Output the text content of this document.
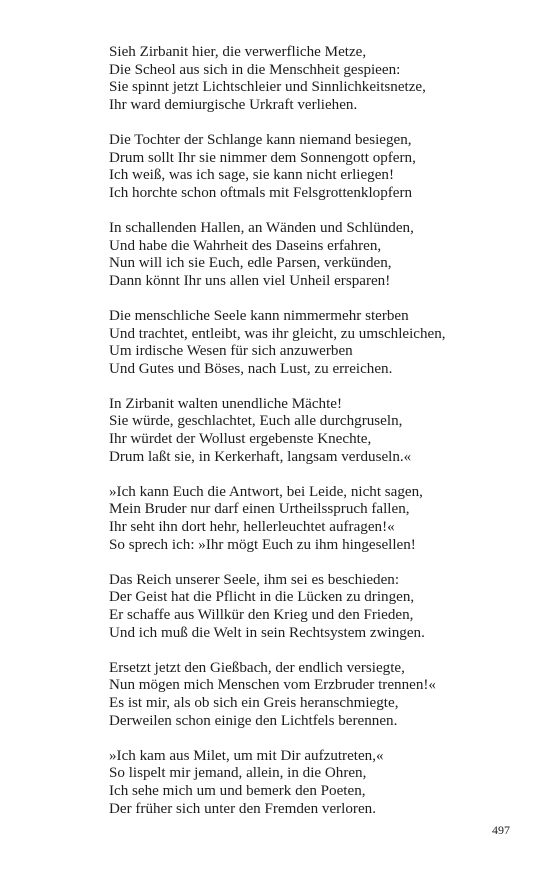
Sieh Zirbanit hier, die verwerfliche Metze,
Die Scheol aus sich in die Menschheit gespieen:
Sie spinnt jetzt Lichtschleier und Sinnlichkeitsnetze,
Ihr ward demiurgische Urkraft verliehen.

Die Tochter der Schlange kann niemand besiegen,
Drum sollt Ihr sie nimmer dem Sonnengott opfern,
Ich weiß, was ich sage, sie kann nicht erliegen!
Ich horchte schon oftmals mit Felsgrottenklopfern

In schallenden Hallen, an Wänden und Schlünden,
Und habe die Wahrheit des Daseins erfahren,
Nun will ich sie Euch, edle Parsen, verkünden,
Dann könnt Ihr uns allen viel Unheil ersparen!

Die menschliche Seele kann nimmermehr sterben
Und trachtet, entleibt, was ihr gleicht, zu umschleichen,
Um irdische Wesen für sich anzuwerben
Und Gutes und Böses, nach Lust, zu erreichen.

In Zirbanit walten unendliche Mächte!
Sie würde, geschlachtet, Euch alle durchgruseln,
Ihr würdet der Wollust ergebenste Knechte,
Drum laßt sie, in Kerkerhaft, langsam verduseln.«

»Ich kann Euch die Antwort, bei Leide, nicht sagen,
Mein Bruder nur darf einen Urtheilsspruch fallen,
Ihr seht ihn dort hehr, hellerleuchtet aufragen!«
So sprech ich: »Ihr mögt Euch zu ihm hingesellen!

Das Reich unserer Seele, ihm sei es beschieden:
Der Geist hat die Pflicht in die Lücken zu dringen,
Er schaffe aus Willkür den Krieg und den Frieden,
Und ich muß die Welt in sein Rechtsystem zwingen.

Ersetzt jetzt den Gießbach, der endlich versiegte,
Nun mögen mich Menschen vom Erzbruder trennen!«
Es ist mir, als ob sich ein Greis heranschmiegte,
Derweilen schon einige den Lichtfels berennen.

»Ich kam aus Milet, um mit Dir aufzutreten,«
So lispelt mir jemand, allein, in die Ohren,
Ich sehe mich um und bemerk den Poeten,
Der früher sich unter den Fremden verloren.

497
